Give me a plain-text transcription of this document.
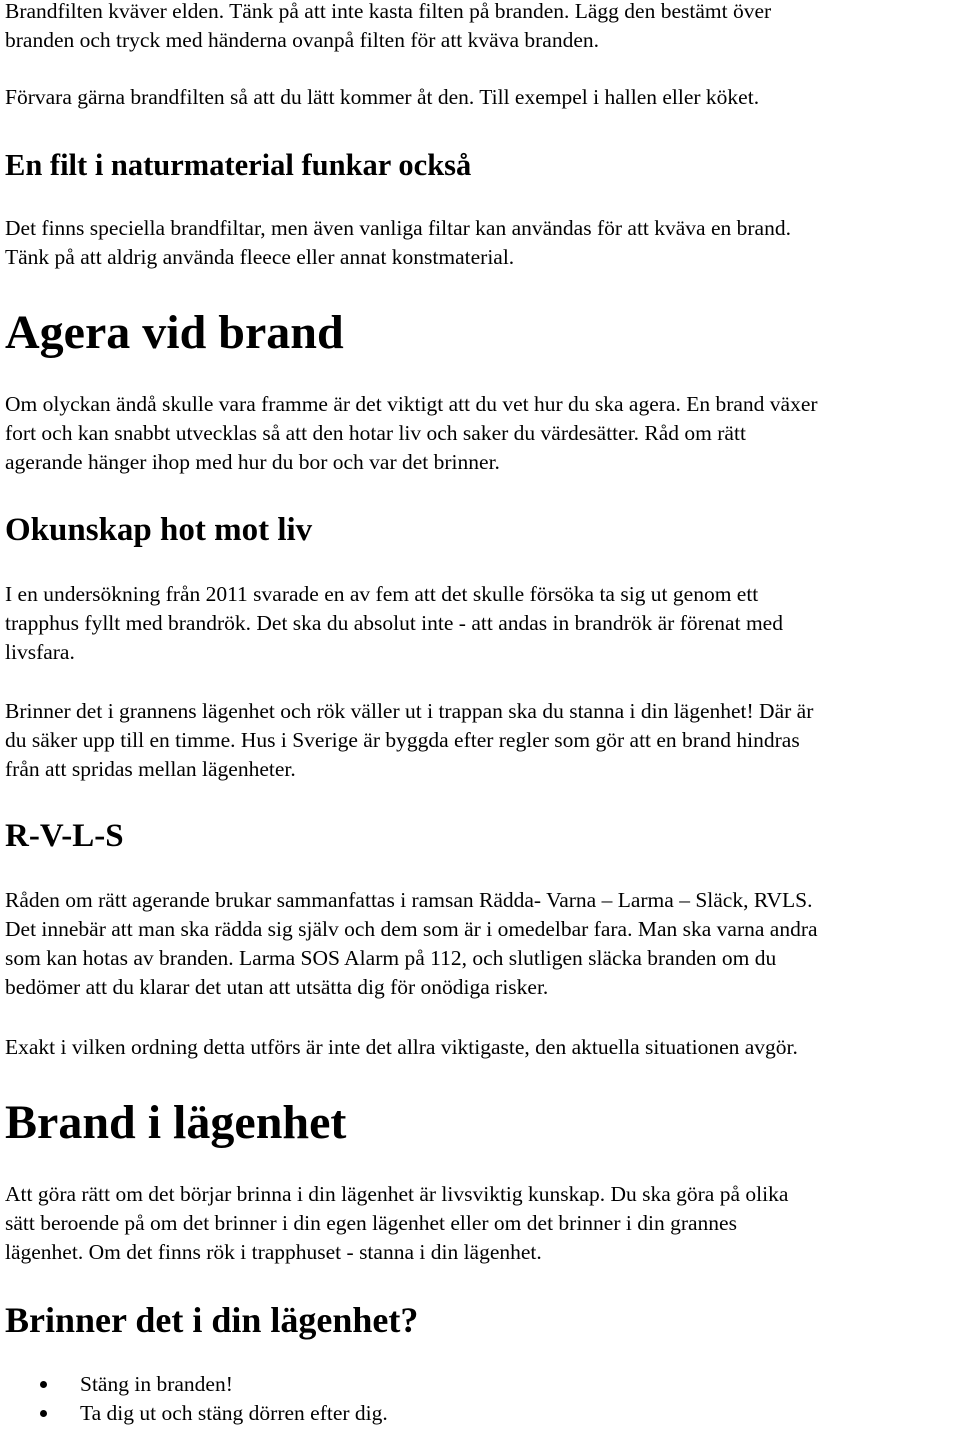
Brandfilten kväver elden. Tänk på att inte kasta filten på branden. Lägg den bestämt över
branden och tryck med händerna ovanpå filten för att kväva branden.
Förvara gärna brandfilten så att du lätt kommer åt den. Till exempel i hallen eller köket.
En filt i naturmaterial funkar också
Det finns speciella brandfiltar, men även vanliga filtar kan användas för att kväva en brand.
Tänk på att aldrig använda fleece eller annat konstmaterial.
Agera vid brand
Om olyckan ändå skulle vara framme är det viktigt att du vet hur du ska agera. En brand växer
fort och kan snabbt utvecklas så att den hotar liv och saker du värdesätter. Råd om rätt
agerande hänger ihop med hur du bor och var det brinner.
Okunskap hot mot liv
I en undersökning från 2011 svarade en av fem att det skulle försöka ta sig ut genom ett
trapphus fyllt med brandrök. Det ska du absolut inte - att andas in brandrök är förenat med
livsfara.
Brinner det i grannens lägenhet och rök väller ut i trappan ska du stanna i din lägenhet! Där är
du säker upp till en timme. Hus i Sverige är byggda efter regler som gör att en brand hindras
från att spridas mellan lägenheter.
R-V-L-S
Råden om rätt agerande brukar sammanfattas i ramsan Rädda- Varna – Larma – Släck, RVLS.
Det innebär att man ska rädda sig själv och dem som är i omedelbar fara. Man ska varna andra
som kan hotas av branden. Larma SOS Alarm på 112, och slutligen släcka branden om du
bedömer att du klarar det utan att utsätta dig för onödiga risker.
Exakt i vilken ordning detta utförs är inte det allra viktigaste, den aktuella situationen avgör.
Brand i lägenhet
Att göra rätt om det börjar brinna i din lägenhet är livsviktig kunskap. Du ska göra på olika
sätt beroende på om det brinner i din egen lägenhet eller om det brinner i din grannes
lägenhet. Om det finns rök i trapphuset - stanna i din lägenhet.
Brinner det i din lägenhet?
Stäng in branden!
Ta dig ut och stäng dörren efter dig.
